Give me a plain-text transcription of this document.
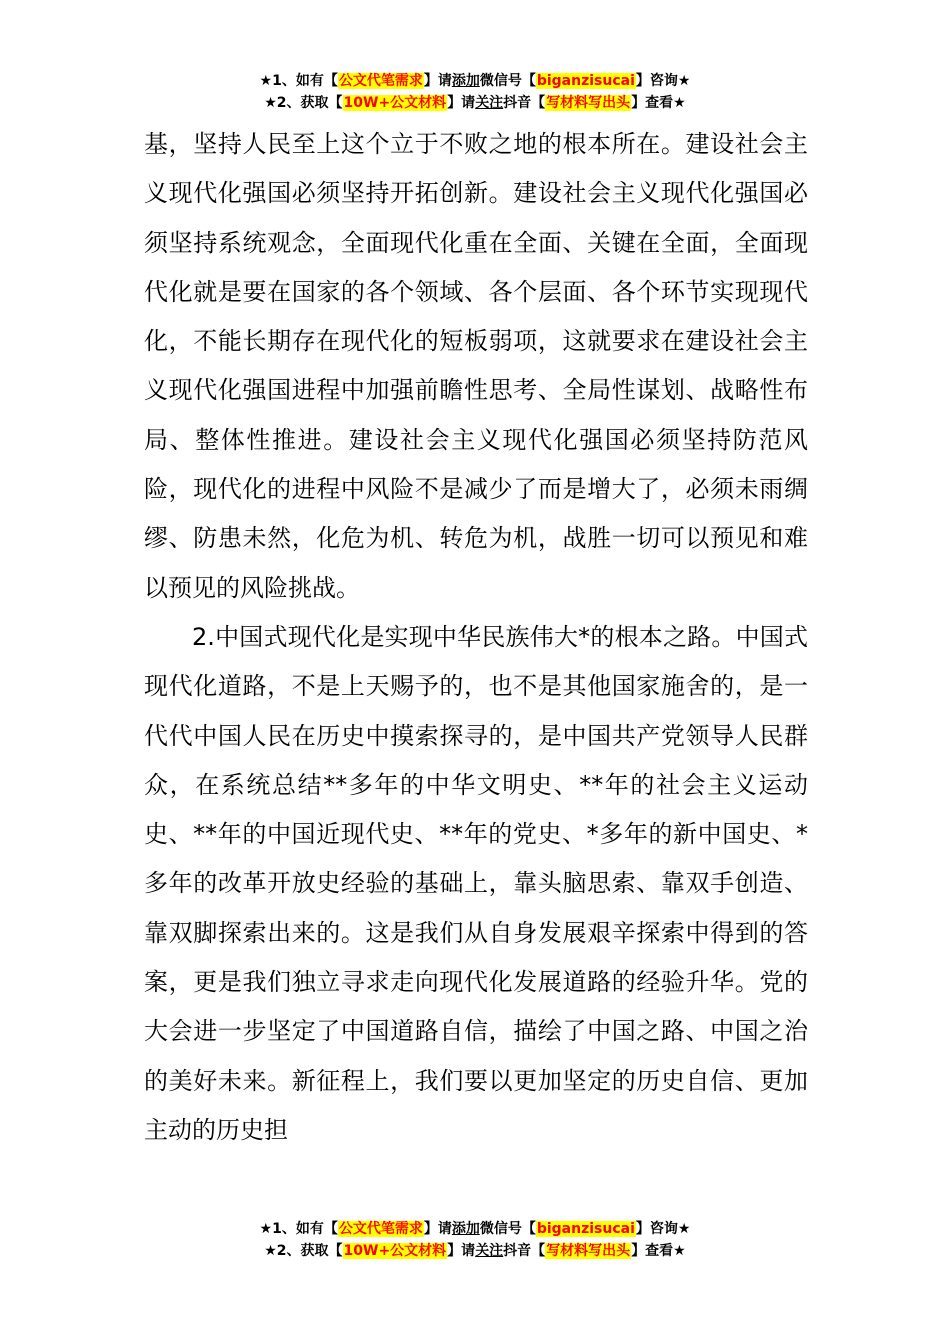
★1、如有【公文代笔需求】请添加微信号【biganzisucai】咨询★
★2、获取【10W+公文材料】请关注抖音【写材料写出头】查看★

基，坚持人民至上这个立于不败之地的根本所在。建设社会主义现代化强国必须坚持开拓创新。建设社会主义现代化强国必须坚持系统观念，全面现代化重在全面、关键在全面，全面现代化就是要在国家的各个领域、各个层面、各个环节实现现代化，不能长期存在现代化的短板弱项，这就要求在建设社会主义现代化强国进程中加强前瞻性思考、全局性谋划、战略性布局、整体性推进。建设社会主义现代化强国必须坚持防范风险，现代化的进程中风险不是减少了而是增大了，必须未雨绸缪、防患未然，化危为机、转危为机，战胜一切可以预见和难以预见的风险挑战。

2.中国式现代化是实现中华民族伟大*的根本之路。中国式现代化道路，不是上天赐予的，也不是其他国家施舍的，是一代代中国人民在历史中摸索探寻的，是中国共产党领导人民群众，在系统总结**多年的中华文明史、**年的社会主义运动史、**年的中国近现代史、**年的党史、*多年的新中国史、*多年的改革开放史经验的基础上，靠头脑思索、靠双手创造、靠双脚探索出来的。这是我们从自身发展艰辛探索中得到的答案，更是我们独立寻求走向现代化发展道路的经验升华。党的大会进一步坚定了中国道路自信，描绘了中国之路、中国之治的美好未来。新征程上，我们要以更加坚定的历史自信、更加主动的历史担

★1、如有【公文代笔需求】请添加微信号【biganzisucai】咨询★
★2、获取【10W+公文材料】请关注抖音【写材料写出头】查看★
